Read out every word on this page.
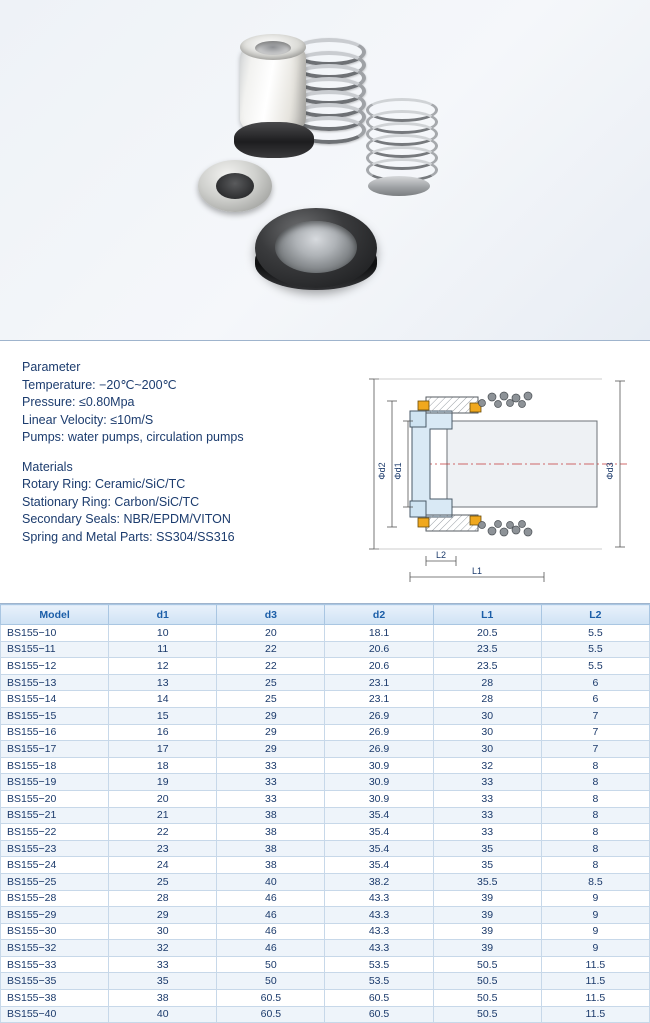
Parameter
Temperature: −20℃~200℃
Pressure: ≤0.80Mpa
Linear Velocity: ≤10m/S
Pumps: water pumps, circulation pumps
Materials
Rotary Ring: Ceramic/SiC/TC
Stationary Ring: Carbon/SiC/TC
Secondary Seals: NBR/EPDM/VITON
Spring and Metal Parts: SS304/SS316
Φd2 Φd1	Φd3
L2
L1
Model	d1	d3	d2	L1	L2
BS155−10	10	20	18.1	20.5	5.5
BS155−11	11	22	20.6	23.5	5.5
BS155−12	12	22	20.6	23.5	5.5
BS155−13	13	25	23.1	28	6
BS155−14	14	25	23.1	28	6
BS155−15	15	29	26.9	30	7
BS155−16	16	29	26.9	30	7
BS155−17	17	29	26.9	30	7
BS155−18	18	33	30.9	32	8
BS155−19	19	33	30.9	33	8
BS155−20	20	33	30.9	33	8
BS155−21	21	38	35.4	33	8
BS155−22	22	38	35.4	33	8
BS155−23	23	38	35.4	35	8
BS155−24	24	38	35.4	35	8
BS155−25	25	40	38.2	35.5	8.5
BS155−28	28	46	43.3	39	9
BS155−29	29	46	43.3	39	9
BS155−30	30	46	43.3	39	9
BS155−32	32	46	43.3	39	9
BS155−33	33	50	53.5	50.5	11.5
BS155−35	35	50	53.5	50.5	11.5
BS155−38	38	60.5	60.5	50.5	11.5
BS155−40	40	60.5	60.5	50.5	11.5
